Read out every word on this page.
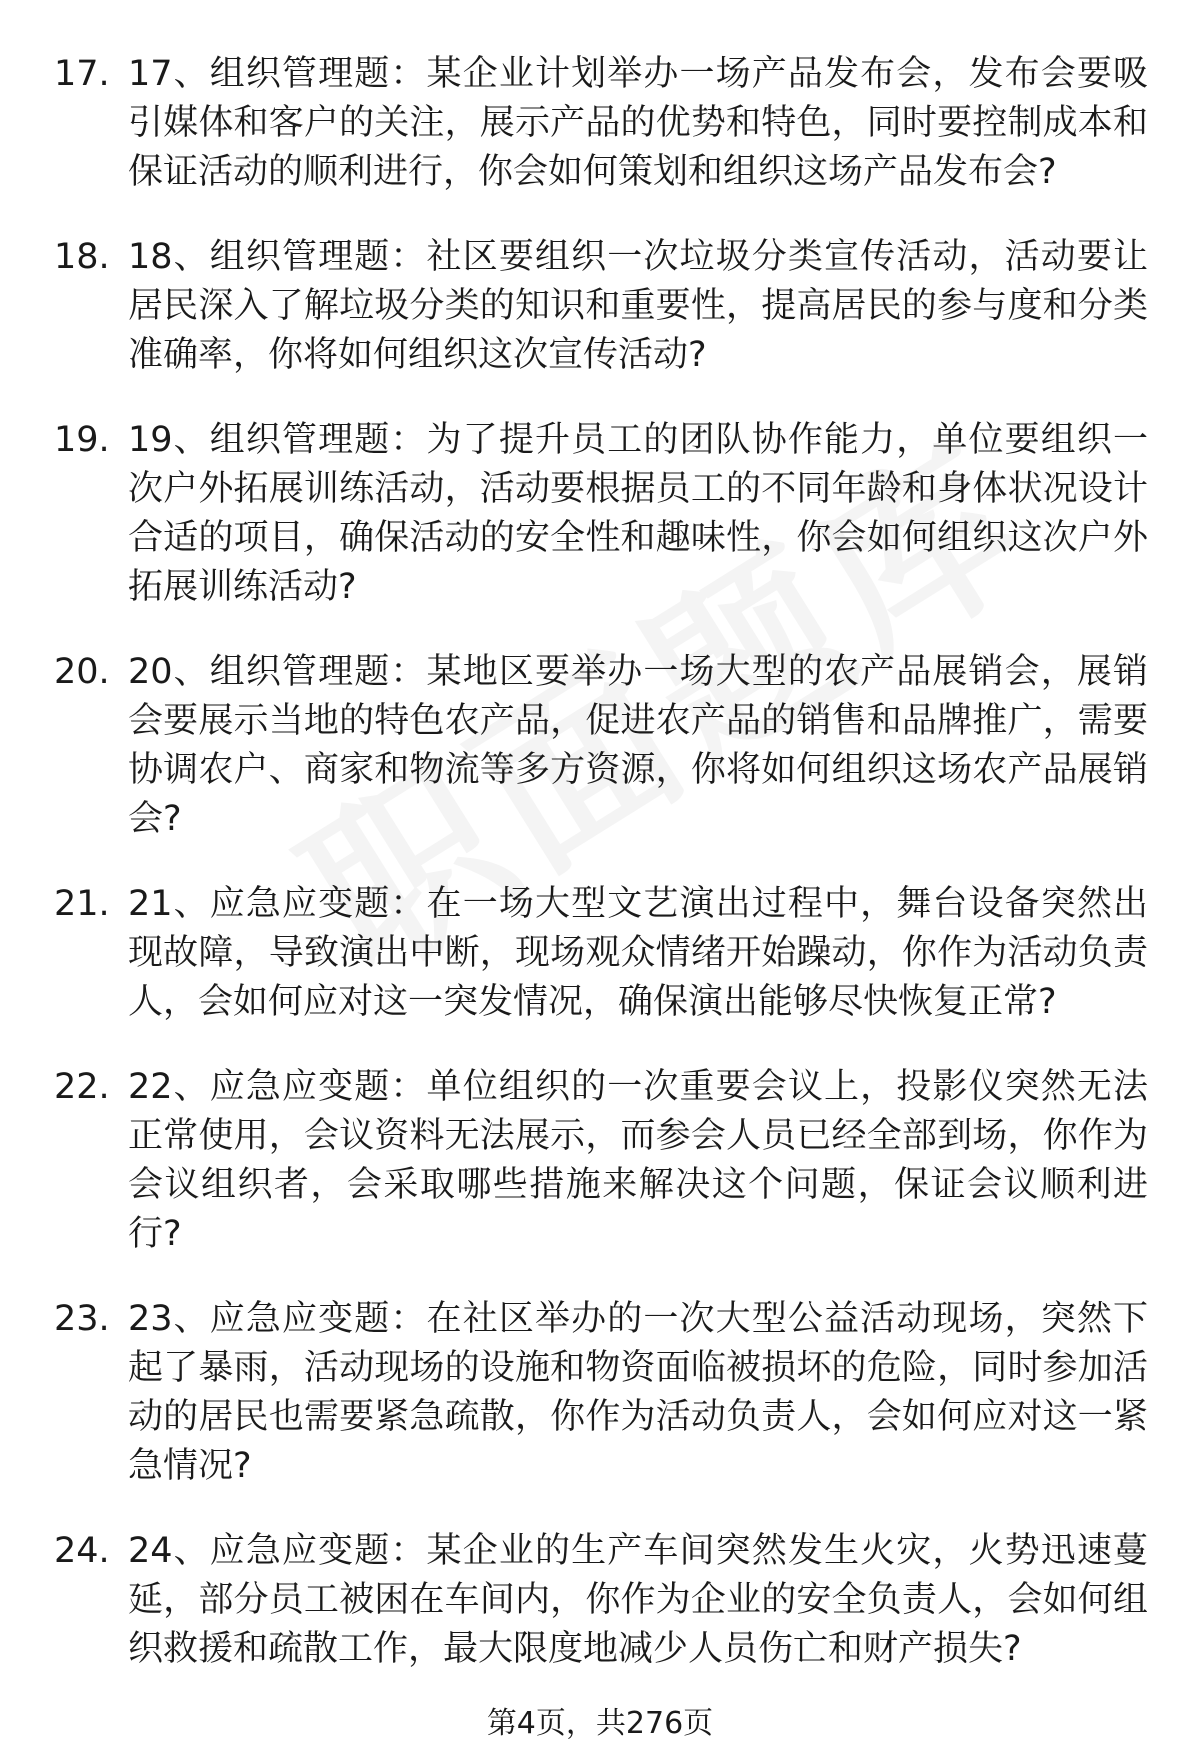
17. 17、组织管理题：某企业计划举办一场产品发布会，发布会要吸引媒体和客户的关注，展示产品的优势和特色，同时要控制成本和保证活动的顺利进行，你会如何策划和组织这场产品发布会?
18. 18、组织管理题：社区要组织一次垃圾分类宣传活动，活动要让居民深入了解垃圾分类的知识和重要性，提高居民的参与度和分类准确率，你将如何组织这次宣传活动?
19. 19、组织管理题：为了提升员工的团队协作能力，单位要组织一次户外拓展训练活动，活动要根据员工的不同年龄和身体状况设计合适的项目，确保活动的安全性和趣味性，你会如何组织这次户外拓展训练活动?
20. 20、组织管理题：某地区要举办一场大型的农产品展销会，展销会要展示当地的特色农产品，促进农产品的销售和品牌推广，需要协调农户、商家和物流等多方资源，你将如何组织这场农产品展销会?
21. 21、应急应变题：在一场大型文艺演出过程中，舞台设备突然出现故障，导致演出中断，现场观众情绪开始躁动，你作为活动负责人，会如何应对这一突发情况，确保演出能够尽快恢复正常?
22. 22、应急应变题：单位组织的一次重要会议上，投影仪突然无法正常使用，会议资料无法展示，而参会人员已经全部到场，你作为会议组织者，会采取哪些措施来解决这个问题，保证会议顺利进行?
23. 23、应急应变题：在社区举办的一次大型公益活动现场，突然下起了暴雨，活动现场的设施和物资面临被损坏的危险，同时参加活动的居民也需要紧急疏散，你作为活动负责人，会如何应对这一紧急情况?
24. 24、应急应变题：某企业的生产车间突然发生火灾，火势迅速蔓延，部分员工被困在车间内，你作为企业的安全负责人，会如何组织救援和疏散工作，最大限度地减少人员伤亡和财产损失?
第4页，共276页
